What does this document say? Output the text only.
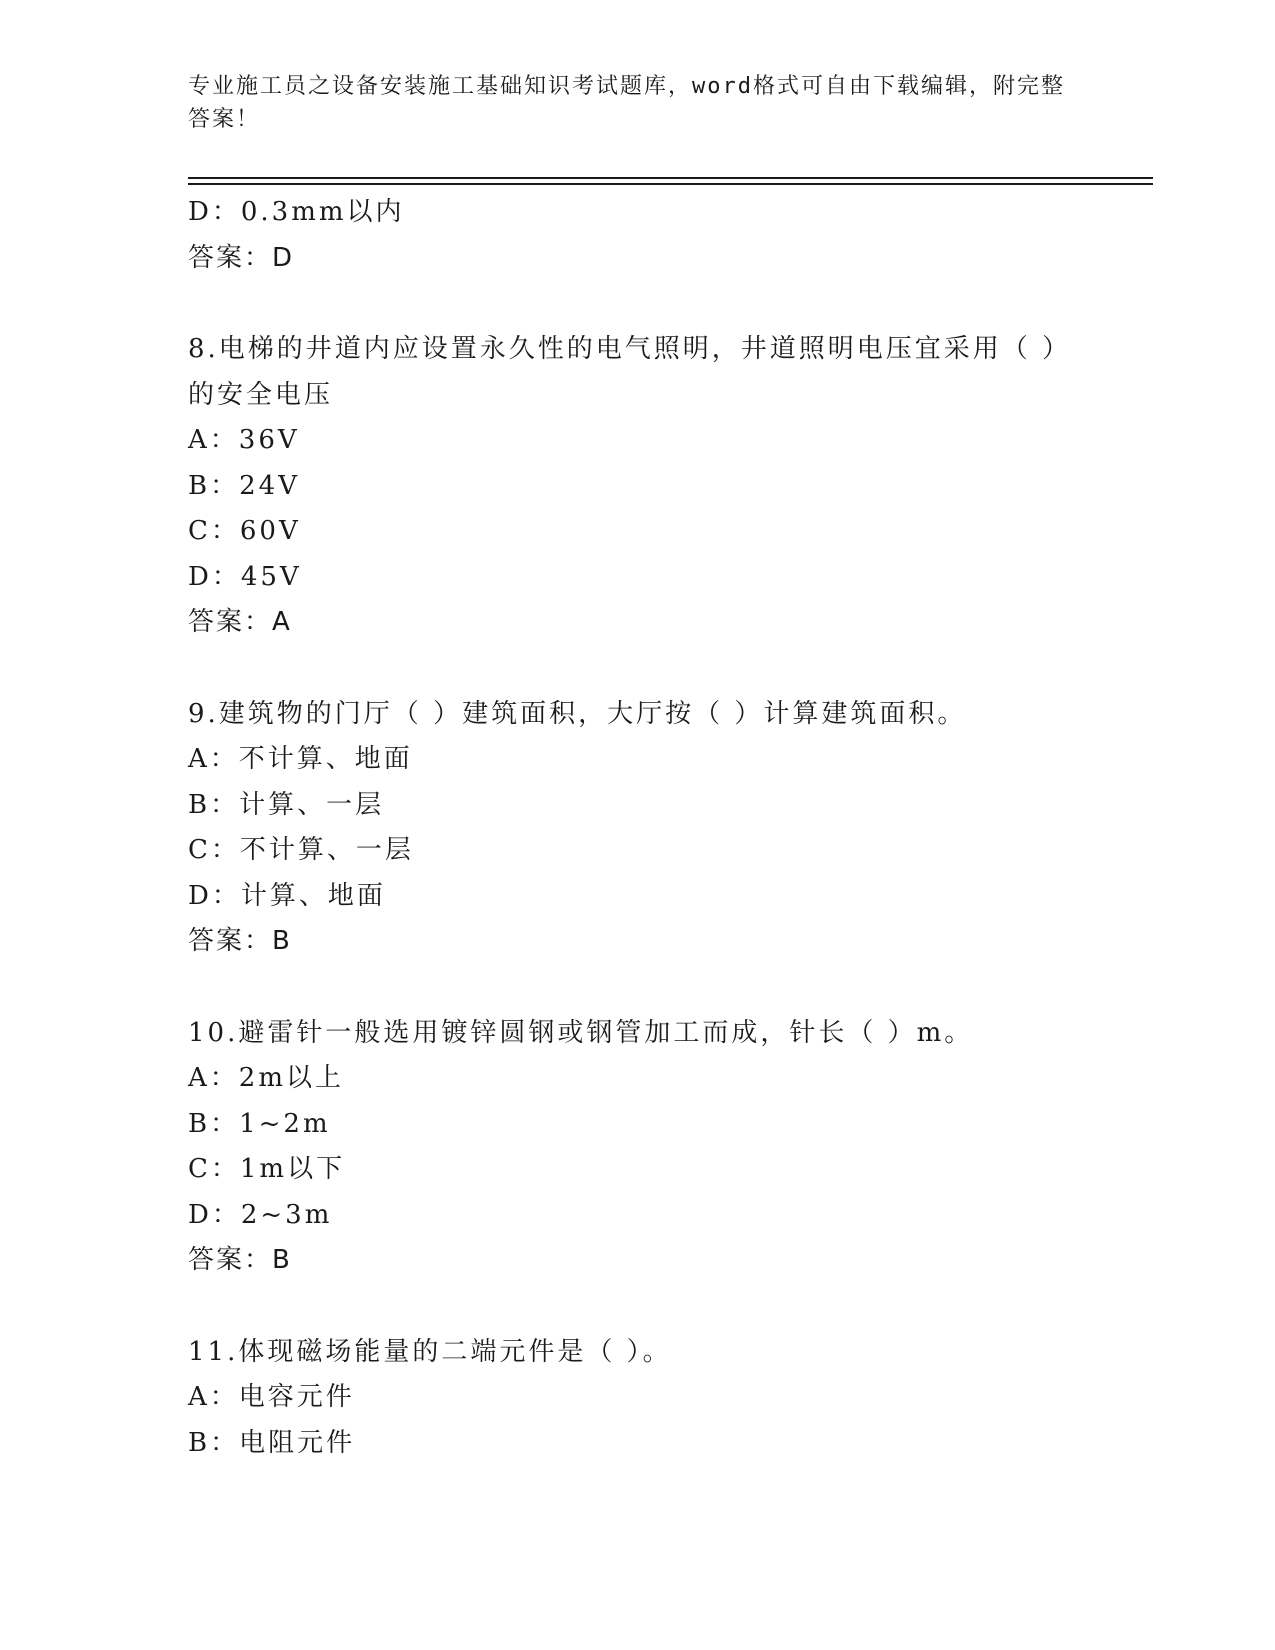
专业施工员之设备安装施工基础知识考试题库，word格式可自由下载编辑，附完整答案！
D：0.3mm以内
答案：D
8.电梯的井道内应设置永久性的电气照明，井道照明电压宜采用（ ）的安全电压
A：36V
B：24V
C：60V
D：45V
答案：A
9.建筑物的门厅（ ）建筑面积，大厅按（ ）计算建筑面积。
A：不计算、地面
B：计算、一层
C：不计算、一层
D：计算、地面
答案：B
10.避雷针一般选用镀锌圆钢或钢管加工而成，针长（ ）m。
A：2m以上
B：1~2m
C：1m以下
D：2~3m
答案：B
11.体现磁场能量的二端元件是（ ）。
A：电容元件
B：电阻元件
